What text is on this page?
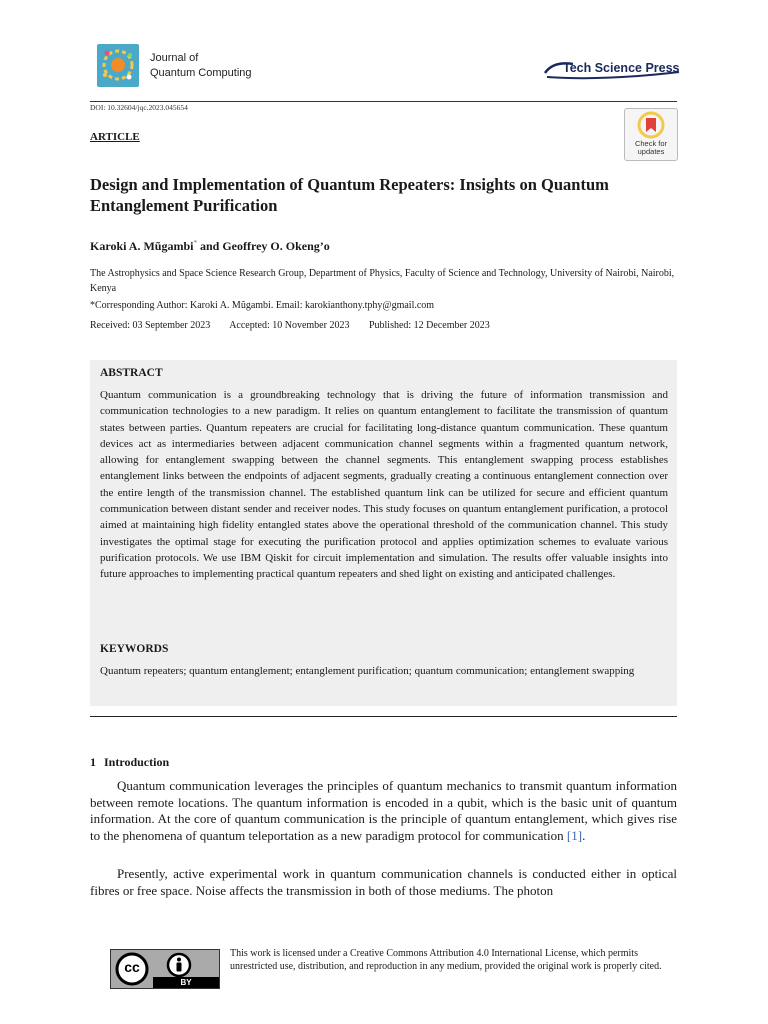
Journal of
Quantum Computing	Tech Science Press
DOI: 10.32604/jqc.2023.045654
ARTICLE
Check for
updates
Design and Implementation of Quantum Repeaters: Insights on Quantum Entanglement Purification
Karoki A. Mũgambi* and Geoffrey O. Okeng’o
The Astrophysics and Space Science Research Group, Department of Physics, Faculty of Science and Technology, University of Nairobi, Nairobi, Kenya
*Corresponding Author: Karoki A. Mũgambi. Email: karokianthony.tphy@gmail.com
Received: 03 September 2023 Accepted: 10 November 2023 Published: 12 December 2023
ABSTRACT
Quantum communication is a groundbreaking technology that is driving the future of information transmission and communication technologies to a new paradigm. It relies on quantum entanglement to facilitate the transmission of quantum states between parties. Quantum repeaters are crucial for facilitating long-distance quantum communication. These quantum devices act as intermediaries between adjacent communication channel segments within a fragmented quantum network, allowing for entanglement swapping between the channel segments. This entanglement swapping process establishes entanglement links between the endpoints of adjacent segments, gradually creating a continuous entanglement connection over the entire length of the transmission channel. The established quantum link can be utilized for secure and efficient quantum communication between distant sender and receiver nodes. This study focuses on quantum entanglement purification, a protocol aimed at maintaining high fidelity entangled states above the operational threshold of the communication channel. This study investigates the optimal stage for executing the purification protocol and applies optimization schemes to evaluate various purification protocols. We use IBM Qiskit for circuit implementation and simulation. The results offer valuable insights into future approaches to implementing practical quantum repeaters and shed light on existing and anticipated challenges.
KEYWORDS
Quantum repeaters; quantum entanglement; entanglement purification; quantum communication; entanglement swapping
1 Introduction
Quantum communication leverages the principles of quantum mechanics to transmit quantum information between remote locations. The quantum information is encoded in a qubit, which is the basic unit of quantum information. At the core of quantum communication is the principle of quantum entanglement, which gives rise to the phenomena of quantum teleportation as a new paradigm protocol for communication [1].
Presently, active experimental work in quantum communication channels is conducted either in optical fibres or free space. Noise affects the transmission in both of those mediums. The photon
cc
BY
This work is licensed under a Creative Commons Attribution 4.0 International License, which permits unrestricted use, distribution, and reproduction in any medium, provided the original work is properly cited.
